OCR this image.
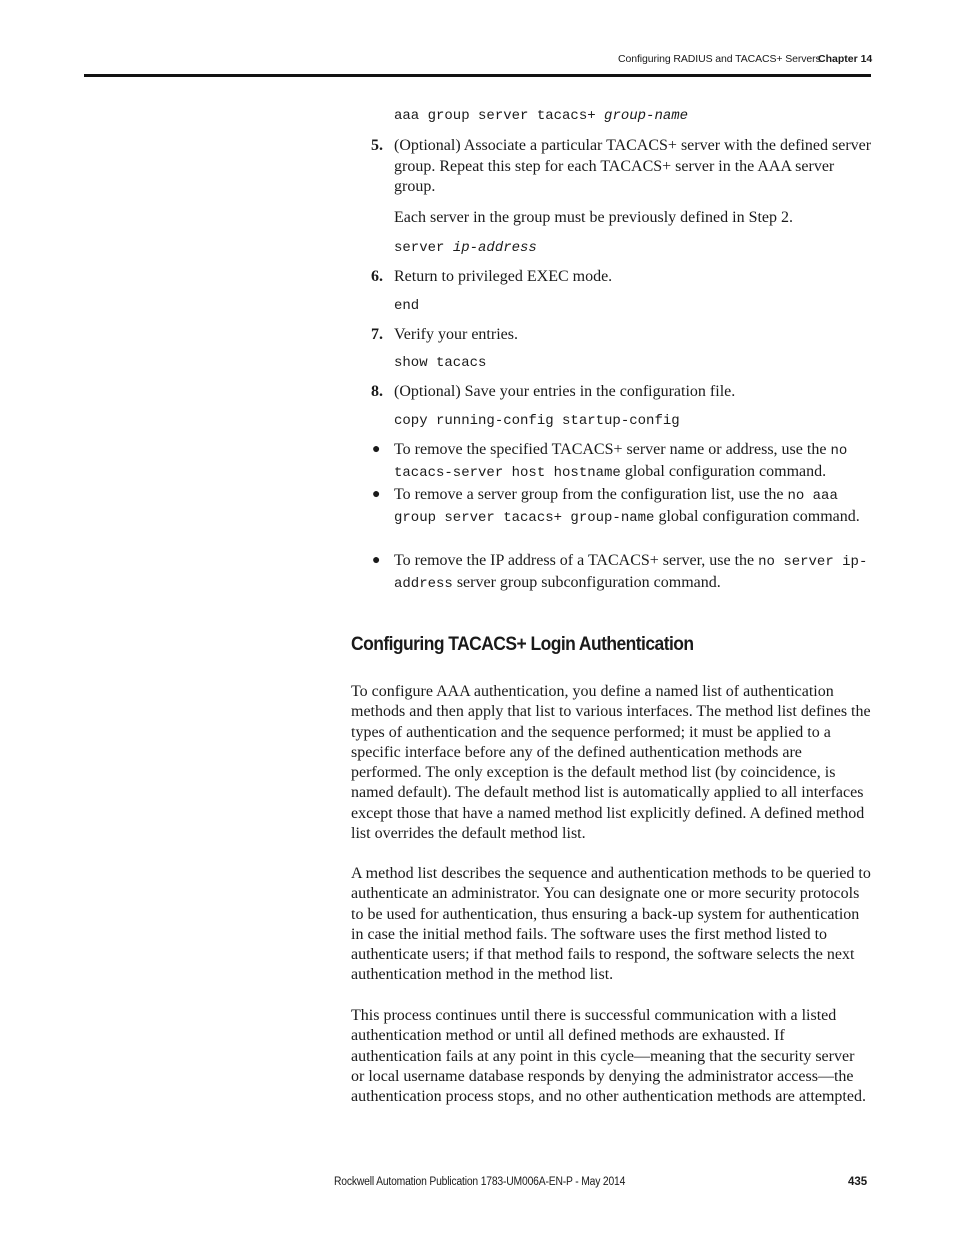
Configuring RADIUS and TACACS+ Servers
Chapter 14
aaa group server tacacs+ group-name
5. (Optional) Associate a particular TACACS+ server with the defined server group. Repeat this step for each TACACS+ server in the AAA server group.
Each server in the group must be previously defined in Step 2.
server ip-address
6. Return to privileged EXEC mode.
end
7. Verify your entries.
show tacacs
8. (Optional) Save your entries in the configuration file.
copy running-config startup-config
● To remove the specified TACACS+ server name or address, use the no tacacs-server host hostname global configuration command.
● To remove a server group from the configuration list, use the no aaa group server tacacs+ group-name global configuration command.
● To remove the IP address of a TACACS+ server, use the no server ip-address server group subconfiguration command.
Configuring TACACS+ Login Authentication
To configure AAA authentication, you define a named list of authentication methods and then apply that list to various interfaces. The method list defines the types of authentication and the sequence performed; it must be applied to a specific interface before any of the defined authentication methods are performed. The only exception is the default method list (by coincidence, is named default). The default method list is automatically applied to all interfaces except those that have a named method list explicitly defined. A defined method list overrides the default method list.
A method list describes the sequence and authentication methods to be queried to authenticate an administrator. You can designate one or more security protocols to be used for authentication, thus ensuring a back-up system for authentication in case the initial method fails. The software uses the first method listed to authenticate users; if that method fails to respond, the software selects the next authentication method in the method list.
This process continues until there is successful communication with a listed authentication method or until all defined methods are exhausted. If authentication fails at any point in this cycle—meaning that the security server or local username database responds by denying the administrator access—the authentication process stops, and no other authentication methods are attempted.
Rockwell Automation Publication 1783-UM006A-EN-P - May 2014	435
